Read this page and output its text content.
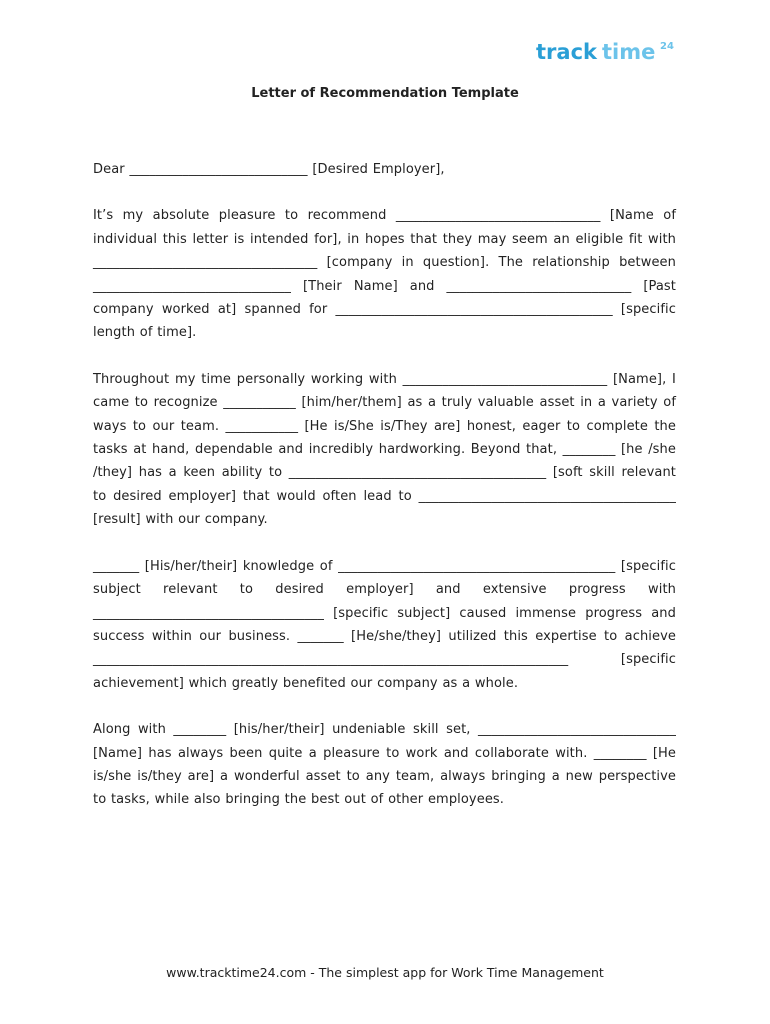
track time 24
Letter of Recommendation Template

Dear ___________________________ [Desired Employer],

It’s my absolute pleasure to recommend _______________________________ [Name of individual this letter is intended for], in hopes that they may seem an eligible fit with __________________________________ [company in question]. The relationship between ______________________________ [Their Name] and ____________________________ [Past company worked at] spanned for __________________________________________ [specific length of time].

Throughout my time personally working with _______________________________ [Name], I came to recognize ___________ [him/her/them] as a truly valuable asset in a variety of ways to our team. ___________ [He is/She is/They are] honest, eager to complete the tasks at hand, dependable and incredibly hardworking. Beyond that, ________ [he /she /they] has a keen ability to _______________________________________ [soft skill relevant to desired employer] that would often lead to _______________________________________ [result] with our company.

_______ [His/her/their] knowledge of __________________________________________ [specific subject relevant to desired employer] and extensive progress with ___________________________________ [specific subject] caused immense progress and success within our business. _______ [He/she/they] utilized this expertise to achieve ________________________________________________________________________ [specific achievement] which greatly benefited our company as a whole.

Along with ________ [his/her/their] undeniable skill set, ______________________________ [Name] has always been quite a pleasure to work and collaborate with. ________ [He is/she is/they are] a wonderful asset to any team, always bringing a new perspective to tasks, while also bringing the best out of other employees.

www.tracktime24.com - The simplest app for Work Time Management
